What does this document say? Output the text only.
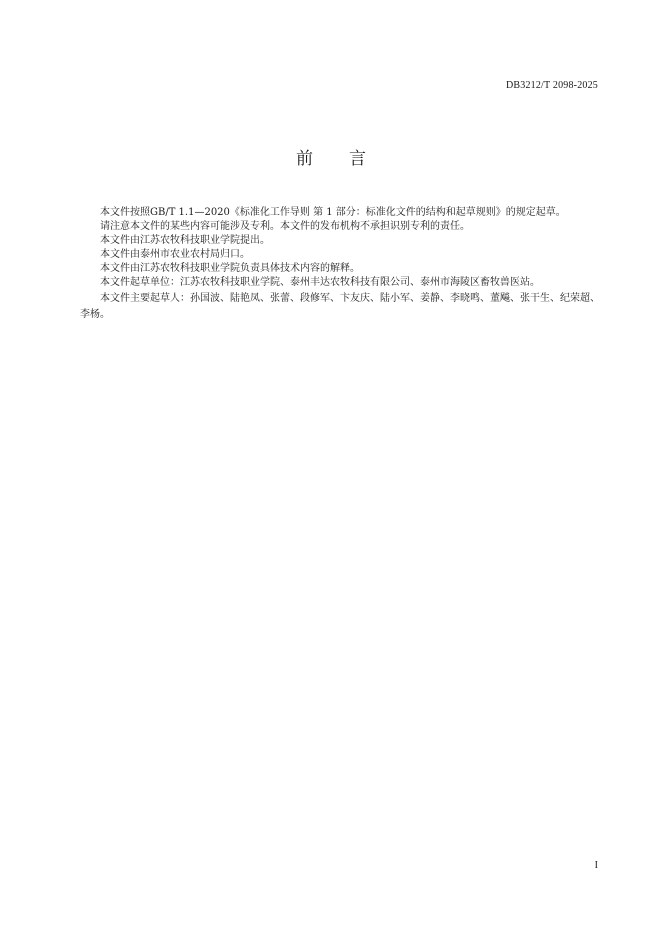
DB3212/T 2098-2025
前言

本文件按照GB/T 1.1—2020《标准化工作导则 第 1 部分：标准化文件的结构和起草规则》的规定起草。

请注意本文件的某些内容可能涉及专利。本文件的发布机构不承担识别专利的责任。

本文件由江苏农牧科技职业学院提出。

本文件由泰州市农业农村局归口。

本文件由江苏农牧科技职业学院负责具体技术内容的解释。

本文件起草单位：江苏农牧科技职业学院、泰州丰达农牧科技有限公司、泰州市海陵区畜牧兽医站。

本文件主要起草人：孙国波、陆艳凤、张蕾、段修军、卞友庆、陆小军、姜静、李晓鸣、董飚、张干生、纪荣超、李杨。

I
